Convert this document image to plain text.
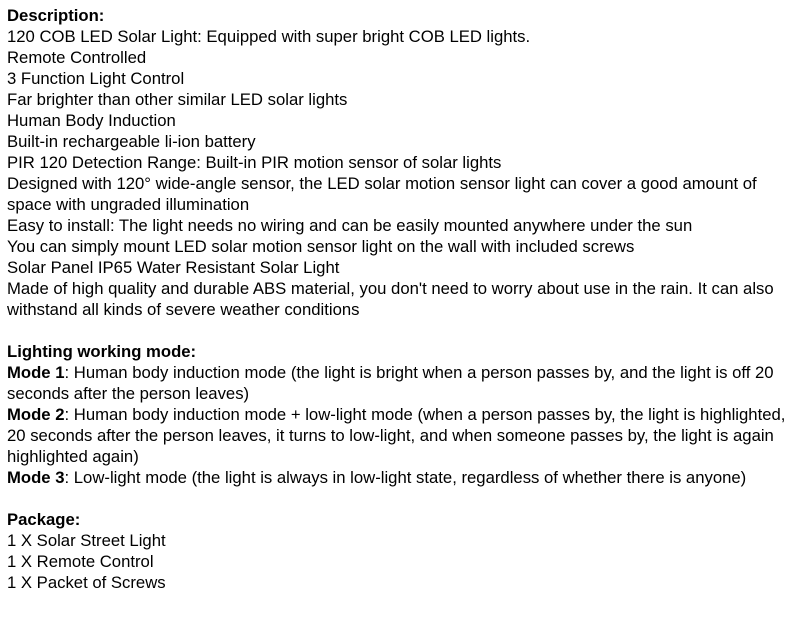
Description:
120 COB LED Solar Light: Equipped with super bright COB LED lights.
Remote Controlled
3 Function Light Control
Far brighter than other similar LED solar lights
Human Body Induction
Built-in rechargeable li-ion battery
PIR 120 Detection Range: Built-in PIR motion sensor of solar lights
Designed with 120° wide-angle sensor, the LED solar motion sensor light can cover a good amount of space with ungraded illumination
Easy to install: The light needs no wiring and can be easily mounted anywhere under the sun
You can simply mount LED solar motion sensor light on the wall with included screws
Solar Panel IP65 Water Resistant Solar Light
Made of high quality and durable ABS material, you don't need to worry about use in the rain. It can also withstand all kinds of severe weather conditions
Lighting working mode:
Mode 1: Human body induction mode (the light is bright when a person passes by, and the light is off 20 seconds after the person leaves)
Mode 2: Human body induction mode + low-light mode (when a person passes by, the light is highlighted, 20 seconds after the person leaves, it turns to low-light, and when someone passes by, the light is again highlighted again)
Mode 3: Low-light mode (the light is always in low-light state, regardless of whether there is anyone)
Package:
1 X Solar Street Light
1 X Remote Control
1 X Packet of Screws
